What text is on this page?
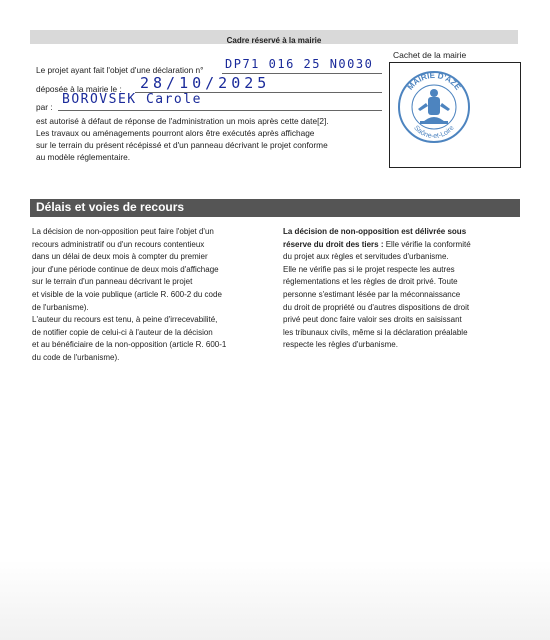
Cadre réservé à la mairie
Le projet ayant fait l'objet d'une déclaration n° DP71 016 25 N0030
déposée à la mairie le : 28/10/2025
par : BOROVSEK Carole
est autorisé à défaut de réponse de l'administration un mois après cette date[2].
Les travaux ou aménagements pourront alors être exécutés après affichage
sur le terrain du présent récépissé et d'un panneau décrivant le projet conforme
au modèle réglementaire.
Cachet de la mairie
MAIRIE D'AZE
Saône-et-Loire
Délais et voies de recours
La décision de non-opposition peut faire l'objet d'un
recours administratif ou d'un recours contentieux
dans un délai de deux mois à compter du premier
jour d'une période continue de deux mois d'affichage
sur le terrain d'un panneau décrivant le projet
et visible de la voie publique (article R. 600-2 du code
de l'urbanisme).
L'auteur du recours est tenu, à peine d'irrecevabilité,
de notifier copie de celui-ci à l'auteur de la décision
et au bénéficiaire de la non-opposition (article R. 600-1
du code de l'urbanisme).
La décision de non-opposition est délivrée sous
réserve du droit des tiers : Elle vérifie la conformité
du projet aux règles et servitudes d'urbanisme.
Elle ne vérifie pas si le projet respecte les autres
réglementations et les règles de droit privé. Toute
personne s'estimant lésée par la méconnaissance
du droit de propriété ou d'autres dispositions de droit
privé peut donc faire valoir ses droits en saisissant
les tribunaux civils, même si la déclaration préalable
respecte les règles d'urbanisme.
